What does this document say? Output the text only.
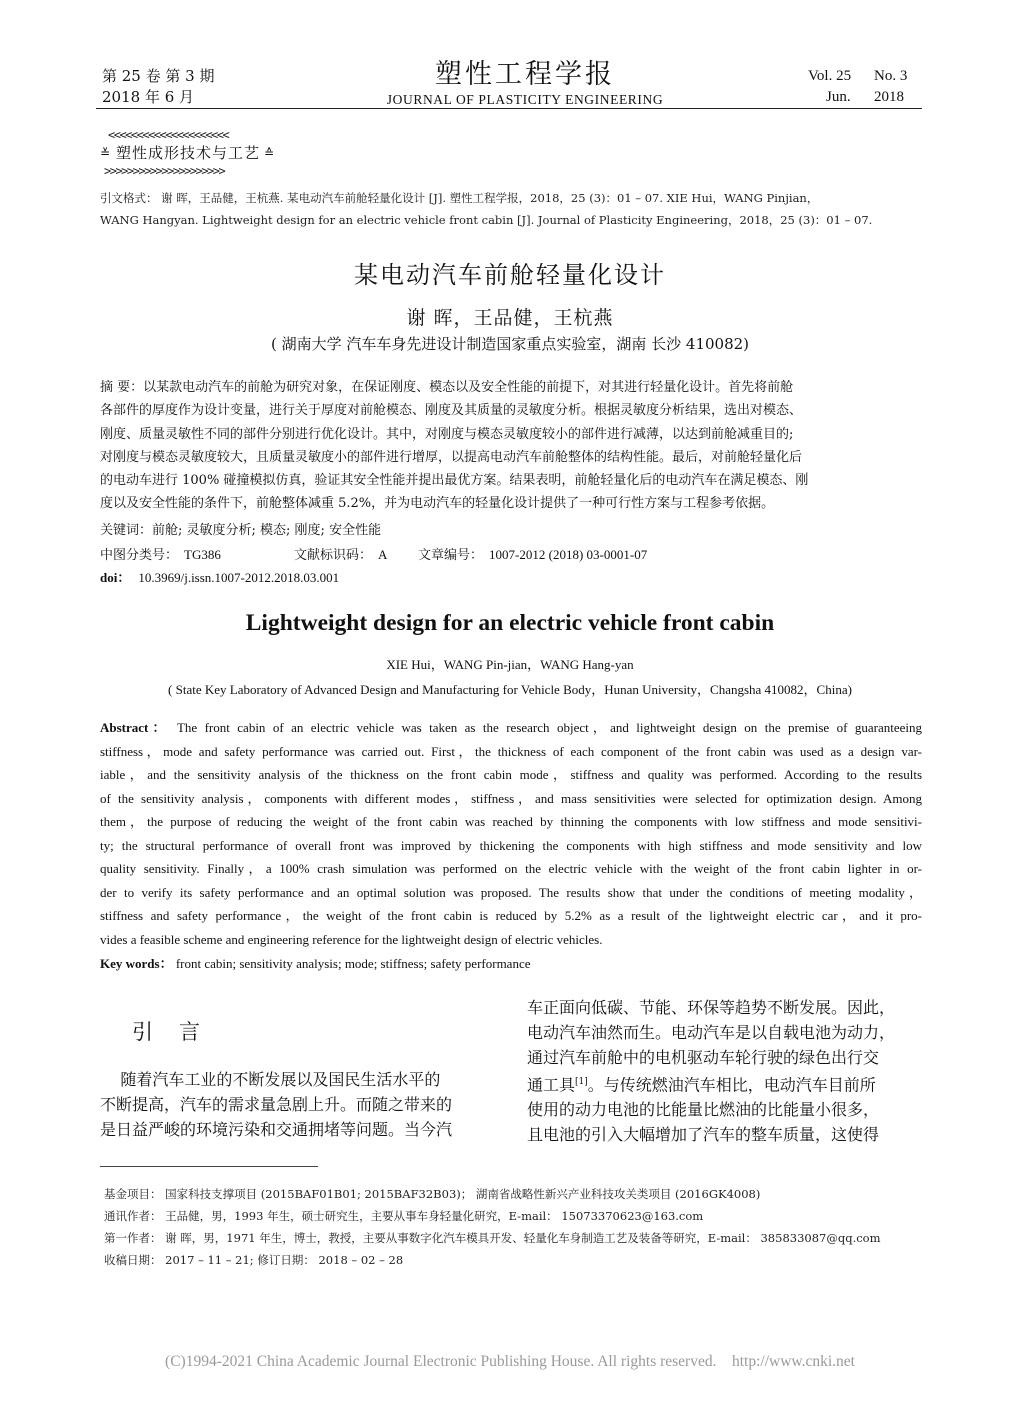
第 25 卷 第 3 期
2018 年 6 月
塑性工程学报
JOURNAL OF PLASTICITY ENGINEERING
Vol. 25 No. 3
Jun. 2018
<<<<<<<<<<<<<<<<<<<<<
≚ 塑性成形技术与工艺 ≙
>>>>>>>>>>>>>>>>>>>>>
引文格式： 谢 晖，王品健，王杭燕. 某电动汽车前舱轻量化设计 [J]. 塑性工程学报，2018，25 (3)：01 – 07. XIE Hui，WANG Pinjian，
WANG Hangyan. Lightweight design for an electric vehicle front cabin [J]. Journal of Plasticity Engineering，2018，25 (3)：01 – 07.
某电动汽车前舱轻量化设计
谢 晖，王品健，王杭燕
( 湖南大学 汽车车身先进设计制造国家重点实验室，湖南 长沙 410082)
摘 要：以某款电动汽车的前舱为研究对象，在保证刚度、模态以及安全性能的前提下，对其进行轻量化设计。首先将前舱
各部件的厚度作为设计变量，进行关于厚度对前舱模态、刚度及其质量的灵敏度分析。根据灵敏度分析结果，选出对模态、
刚度、质量灵敏性不同的部件分别进行优化设计。其中，对刚度与模态灵敏度较小的部件进行减薄，以达到前舱减重目的;
对刚度与模态灵敏度较大，且质量灵敏度小的部件进行增厚，以提高电动汽车前舱整体的结构性能。最后，对前舱轻量化后
的电动车进行 100% 碰撞模拟仿真，验证其安全性能并提出最优方案。结果表明，前舱轻量化后的电动汽车在满足模态、刚
度以及安全性能的条件下，前舱整体减重 5.2%，并为电动汽车的轻量化设计提供了一种可行性方案与工程参考依据。
关键词：前舱; 灵敏度分析; 模态; 刚度; 安全性能
中图分类号： TG386	文献标识码： A 文章编号： 1007-2012 (2018) 03-0001-07
doi： 10.3969/j.issn.1007-2012.2018.03.001
Lightweight design for an electric vehicle front cabin
XIE Hui，WANG Pin-jian，WANG Hang-yan
( State Key Laboratory of Advanced Design and Manufacturing for Vehicle Body，Hunan University，Changsha 410082，China)
Abstract： The front cabin of an electric vehicle was taken as the research object，and lightweight design on the premise of guaranteeing
stiffness，mode and safety performance was carried out. First，the thickness of each component of the front cabin was used as a design var-
iable，and the sensitivity analysis of the thickness on the front cabin mode，stiffness and quality was performed. According to the results
of the sensitivity analysis，components with different modes，stiffness，and mass sensitivities were selected for optimization design. Among
them，the purpose of reducing the weight of the front cabin was reached by thinning the components with low stiffness and mode sensitivi-
ty; the structural performance of overall front was improved by thickening the components with high stiffness and mode sensitivity and low
quality sensitivity. Finally，a 100% crash simulation was performed on the electric vehicle with the weight of the front cabin lighter in or-
der to verify its safety performance and an optimal solution was proposed. The results show that under the conditions of meeting modality，
stiffness and safety performance，the weight of the front cabin is reduced by 5.2% as a result of the lightweight electric car，and it pro-
vides a feasible scheme and engineering reference for the lightweight design of electric vehicles.
Key words： front cabin; sensitivity analysis; mode; stiffness; safety performance
引言
随着汽车工业的不断发展以及国民生活水平的
不断提高，汽车的需求量急剧上升。而随之带来的
是日益严峻的环境污染和交通拥堵等问题。当今汽
车正面向低碳、节能、环保等趋势不断发展。因此，
电动汽车油然而生。电动汽车是以自载电池为动力，
通过汽车前舱中的电机驱动车轮行驶的绿色出行交
通工具[1]。与传统燃油汽车相比，电动汽车目前所
使用的动力电池的比能量比燃油的比能量小很多，
且电池的引入大幅增加了汽车的整车质量，这使得
基金项目： 国家科技支撑项目 (2015BAF01B01; 2015BAF32B03)； 湖南省战略性新兴产业科技攻关类项目 (2016GK4008)
通讯作者： 王品健，男，1993 年生，硕士研究生，主要从事车身轻量化研究，E-mail： 15073370623@163.com
第一作者： 谢 晖，男，1971 年生，博士，教授，主要从事数字化汽车模具开发、轻量化车身制造工艺及装备等研究，E-mail： 385833087@qq.com
收稿日期： 2017 – 11 – 21; 修订日期： 2018 – 02 – 28
(C)1994-2021 China Academic Journal Electronic Publishing House. All rights reserved.    http://www.cnki.net
